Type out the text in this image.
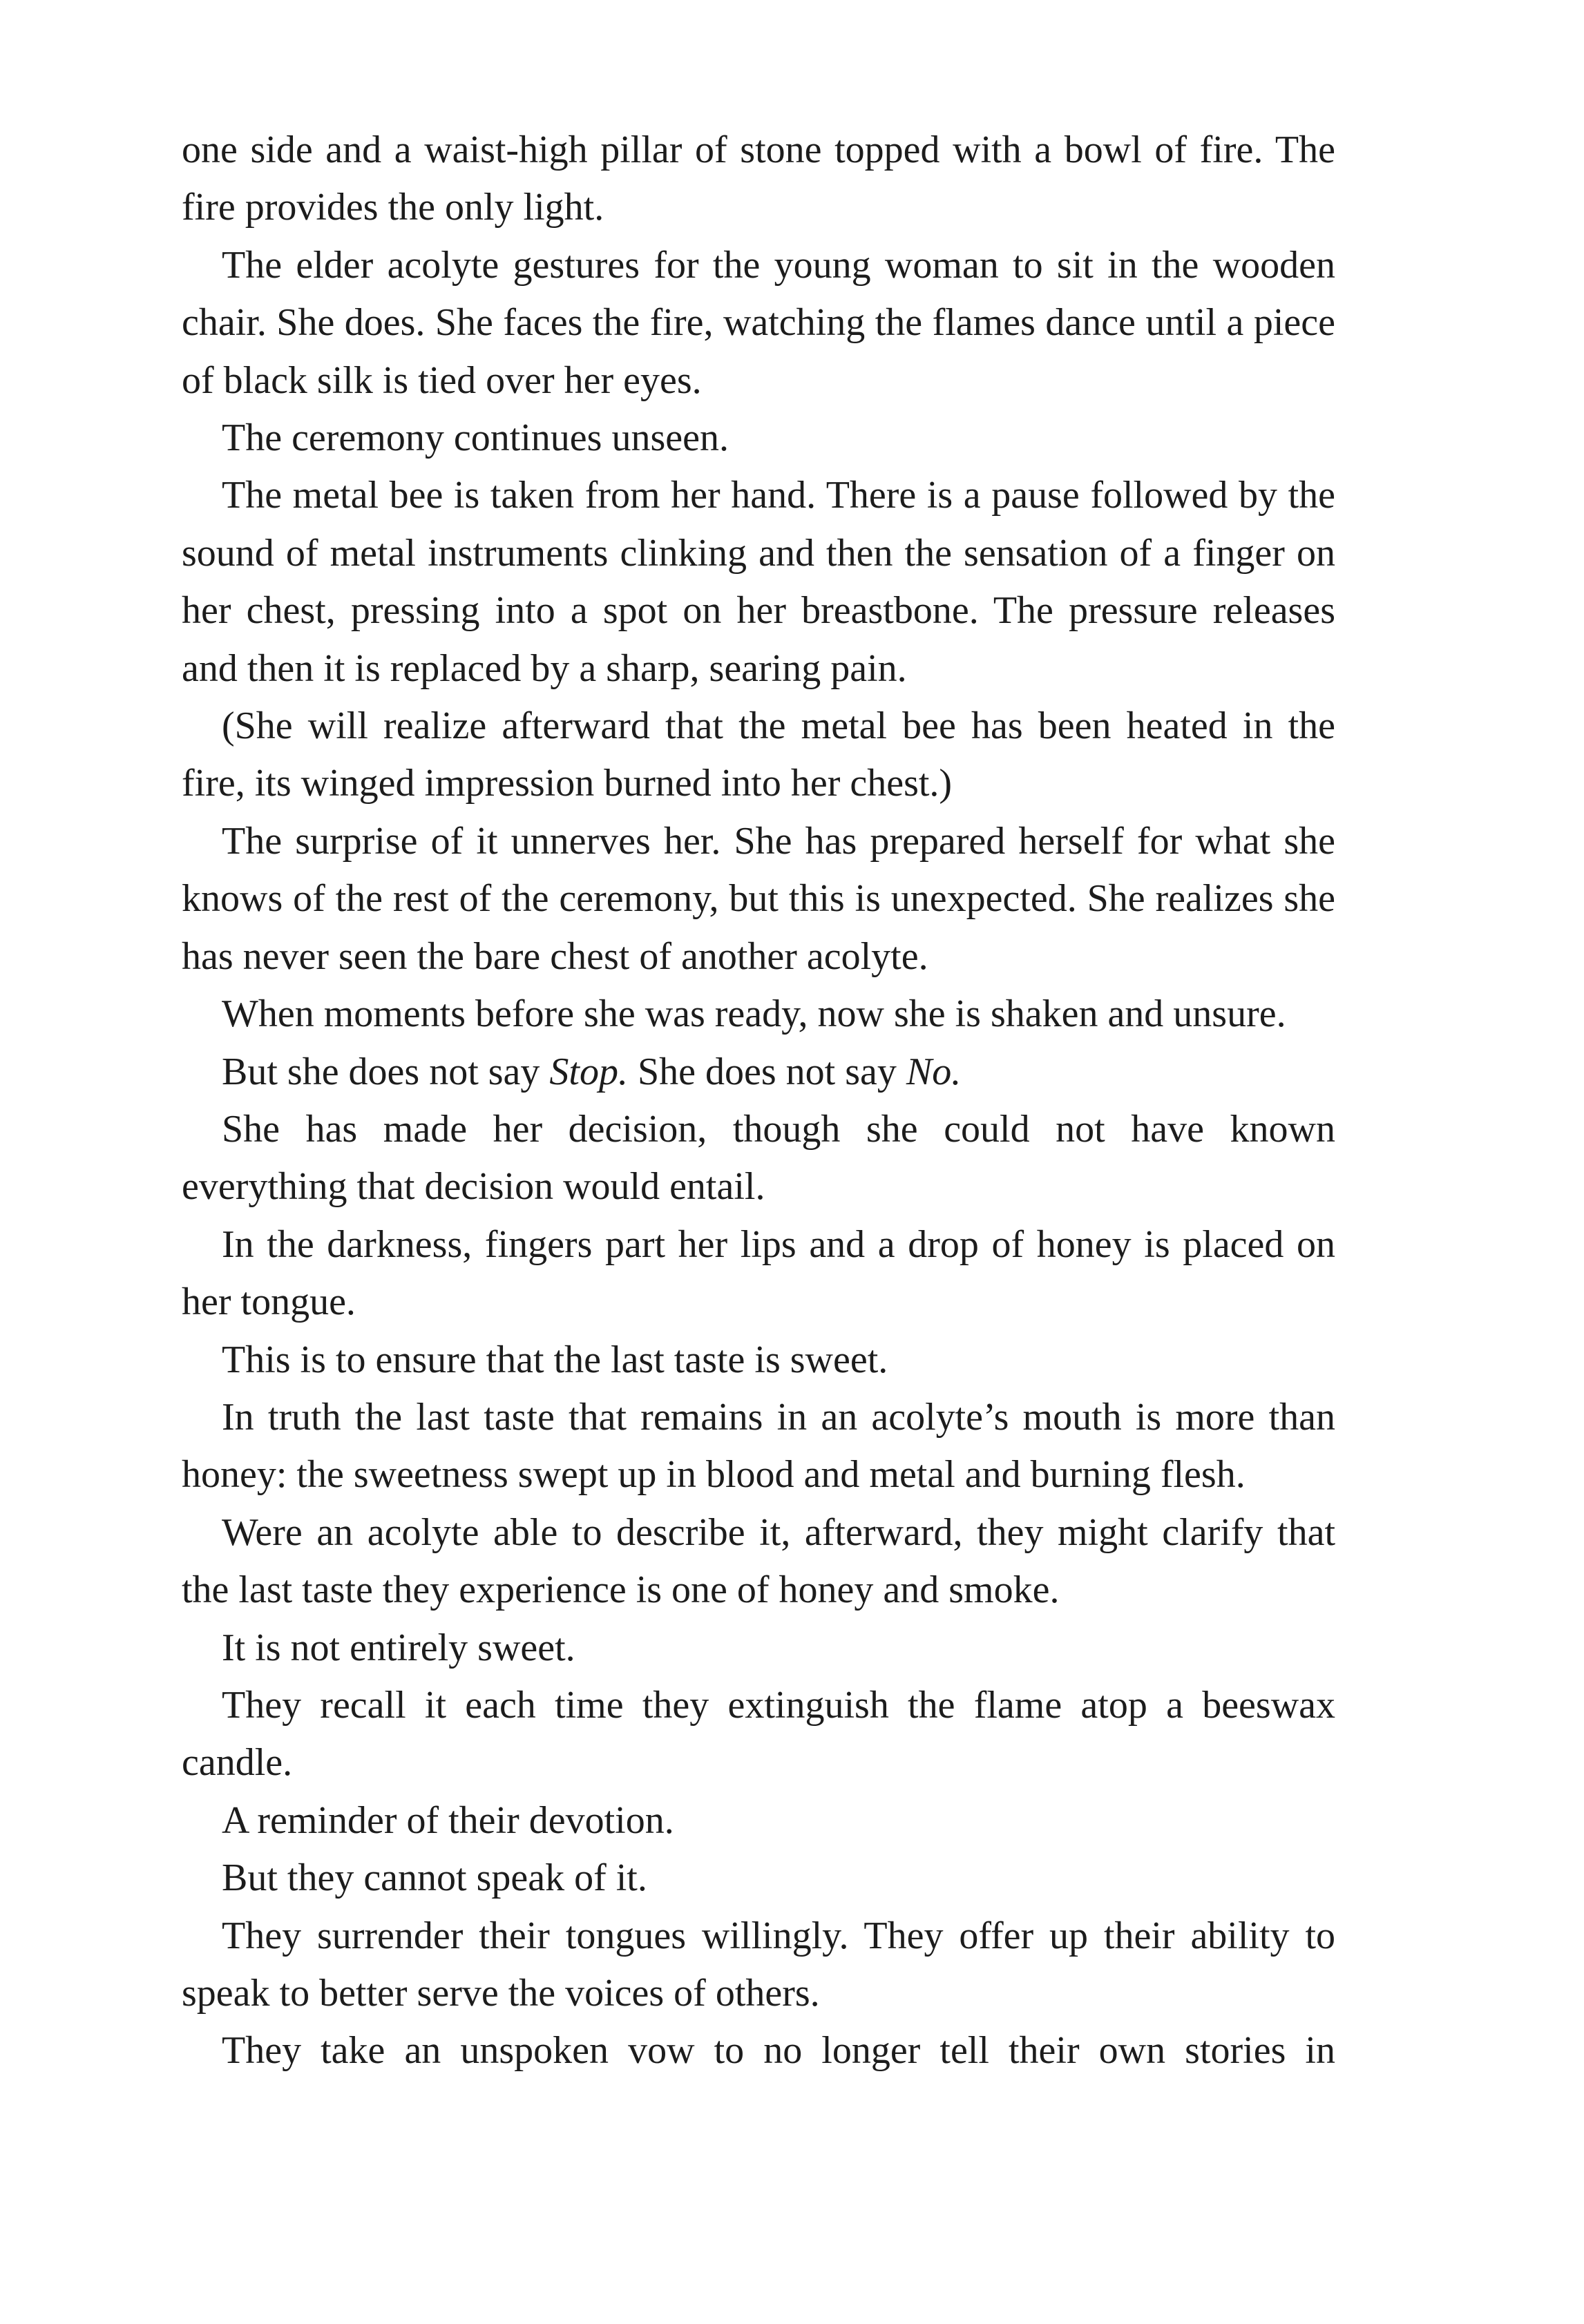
one side and a waist-high pillar of stone topped with a bowl of fire. The fire provides the only light.

The elder acolyte gestures for the young woman to sit in the wooden chair. She does. She faces the fire, watching the flames dance until a piece of black silk is tied over her eyes.

The ceremony continues unseen.

The metal bee is taken from her hand. There is a pause followed by the sound of metal instruments clinking and then the sensation of a finger on her chest, pressing into a spot on her breastbone. The pressure releases and then it is replaced by a sharp, searing pain.

(She will realize afterward that the metal bee has been heated in the fire, its winged impression burned into her chest.)

The surprise of it unnerves her. She has prepared herself for what she knows of the rest of the ceremony, but this is unexpected. She realizes she has never seen the bare chest of another acolyte.

When moments before she was ready, now she is shaken and unsure.

But she does not say Stop. She does not say No.

She has made her decision, though she could not have known everything that decision would entail.

In the darkness, fingers part her lips and a drop of honey is placed on her tongue.

This is to ensure that the last taste is sweet.

In truth the last taste that remains in an acolyte’s mouth is more than honey: the sweetness swept up in blood and metal and burning flesh.

Were an acolyte able to describe it, afterward, they might clarify that the last taste they experience is one of honey and smoke.

It is not entirely sweet.

They recall it each time they extinguish the flame atop a beeswax candle.

A reminder of their devotion.

But they cannot speak of it.

They surrender their tongues willingly. They offer up their ability to speak to better serve the voices of others.

They take an unspoken vow to no longer tell their own stories in
